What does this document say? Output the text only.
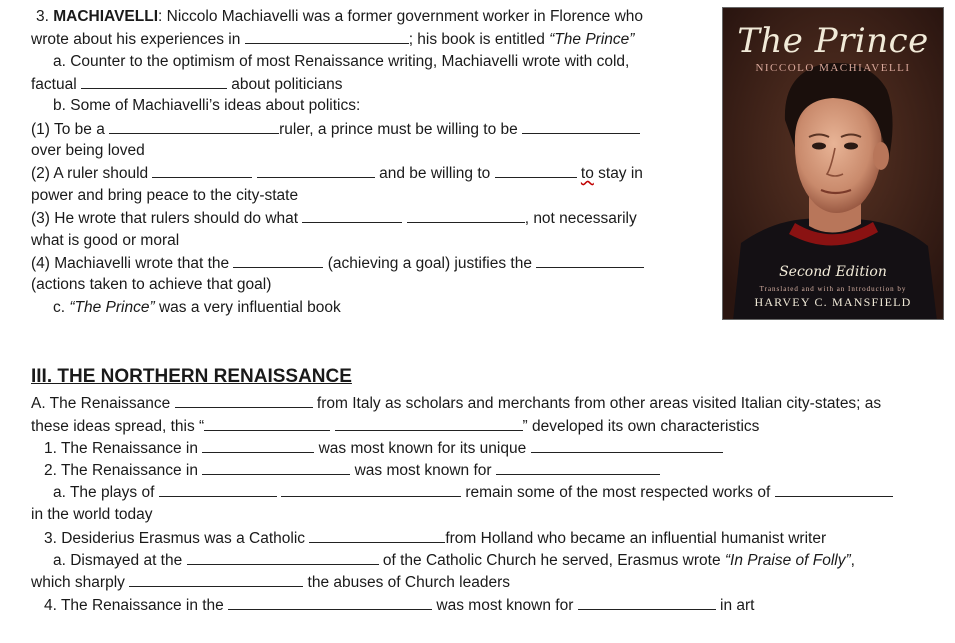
3. MACHIAVELLI: Niccolo Machiavelli was a former government worker in Florence who
wrote about his experiences in	; his book is entitled “The Prince”
a. Counter to the optimism of most Renaissance writing, Machiavelli wrote with cold,
factual	about politicians
b. Some of Machiavelli’s ideas about politics:
(1) To be a	ruler, a prince must be willing to be
over being loved
(2) A ruler should	and be willing to	to stay in
power and bring peace to the city-state
(3) He wrote that rulers should do what	, not necessarily
what is good or moral
(4) Machiavelli wrote that the	(achieving a goal) justifies the
(actions taken to achieve that goal)
c. “The Prince” was a very influential book
The Prince
NICCOLO MACHIAVELLI
Second Edition
Translated and with an Introduction by
HARVEY C. MANSFIELD
III. THE NORTHERN RENAISSANCE
A. The Renaissance	from Italy as scholars and merchants from other areas visited Italian city-states; as
these ideas spread, this “	” developed its own characteristics
1. The Renaissance in	was most known for its unique
2. The Renaissance in	was most known for
a. The plays of	remain some of the most respected works of
in the world today
3. Desiderius Erasmus was a Catholic	from Holland who became an influential humanist writer
a. Dismayed at the	of the Catholic Church he served, Erasmus wrote “In Praise of Folly”,
which sharply	the abuses of Church leaders
4. The Renaissance in the	was most known for	in art
